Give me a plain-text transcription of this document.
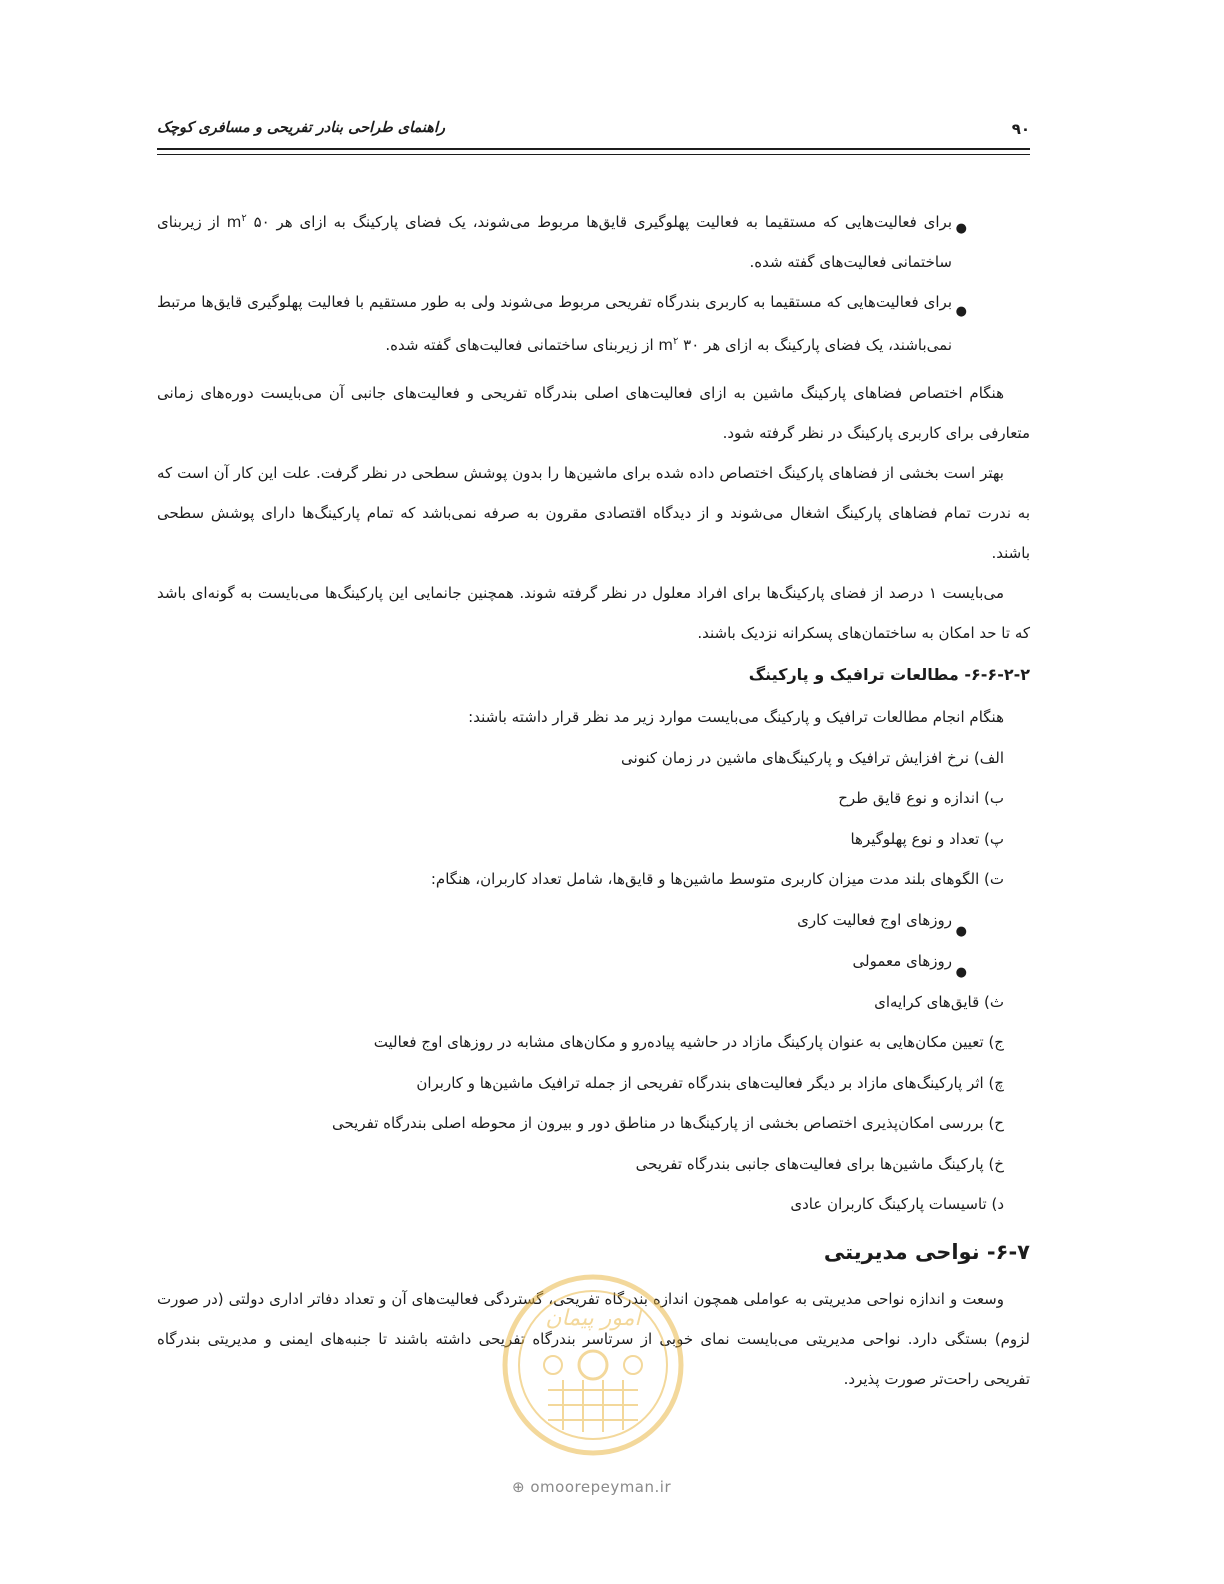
راهنمای طراحی بنادر تفریحی و مسافری کوچک	۹۰
●

برای فعالیت‌هایی که مستقیما به فعالیت پهلوگیری قایق‌ها مربوط می‌شوند، یک فضای پارکینگ به ازای هر ۵۰ $m^۲$ از زیربنای ساختمانی فعالیت‌های گفته شده.

●

برای فعالیت‌هایی که مستقیما به کاربری بندرگاه تفریحی مربوط می‌شوند ولی به طور مستقیم با فعالیت پهلوگیری قایق‌ها مرتبط نمی‌باشند، یک فضای پارکینگ به ازای هر ۳۰ $m^۲$ از زیربنای ساختمانی فعالیت‌های گفته شده.

هنگام اختصاص فضاهای پارکینگ ماشین به ازای فعالیت‌های اصلی بندرگاه تفریحی و فعالیت‌های جانبی آن می‌بایست دوره‌های زمانی متعارفی برای کاربری پارکینگ در نظر گرفته شود.

بهتر است بخشی از فضاهای پارکینگ اختصاص داده شده برای ماشین‌ها را بدون پوشش سطحی در نظر گرفت. علت این کار آن است که به ندرت تمام فضاهای پارکینگ اشغال می‌شوند و از دیدگاه اقتصادی مقرون به صرفه نمی‌باشد که تمام پارکینگ‌ها دارای پوشش سطحی باشند.

می‌بایست ۱ درصد از فضای پارکینگ‌ها برای افراد معلول در نظر گرفته شوند. همچنین جانمایی این پارکینگ‌ها می‌بایست به گونه‌ای باشد که تا حد امکان به ساختمان‌های پسکرانه نزدیک باشند.

۶-۶-۲-۲- مطالعات ترافیک و پارکینگ
هنگام انجام مطالعات ترافیک و پارکینگ می‌بایست موارد زیر مد نظر قرار داشته باشند:
الف) نرخ افزایش ترافیک و پارکینگ‌های ماشین در زمان کنونی
ب) اندازه و نوع قایق طرح
پ) تعداد و نوع پهلوگیرها
ت) الگوهای بلند مدت میزان کاربری متوسط ماشین‌ها و قایق‌ها، شامل تعداد کاربران، هنگام:
●
روزهای اوج فعالیت کاری
●
روزهای معمولی
ث) قایق‌های کرایه‌ای
ج) تعیین مکان‌هایی به عنوان پارکینگ مازاد در حاشیه پیاده‌رو و مکان‌های مشابه در روزهای اوج فعالیت
چ) اثر پارکینگ‌های مازاد بر دیگر فعالیت‌های بندرگاه تفریحی از جمله ترافیک ماشین‌ها و کاربران
ح) بررسی امکان‌پذیری اختصاص بخشی از پارکینگ‌ها در مناطق دور و بیرون از محوطه اصلی بندرگاه تفریحی
خ) پارکینگ ماشین‌ها برای فعالیت‌های جانبی بندرگاه تفریحی
د) تاسیسات پارکینگ کاربران عادی
۶-۷- نواحی مدیریتی

وسعت و اندازه نواحی مدیریتی به عواملی همچون اندازه بندرگاه تفریحی، گستردگی فعالیت‌های آن و تعداد دفاتر اداری دولتی (در صورت لزوم) بستگی دارد. نواحی مدیریتی می‌بایست نمای خوبی از سرتاسر بندرگاه تفریحی داشته باشند تا جنبه‌های ایمنی و مدیریتی بندرگاه تفریحی راحت‌تر صورت پذیرد.

امور پیمان
⊕ omoorepeyman.ir
